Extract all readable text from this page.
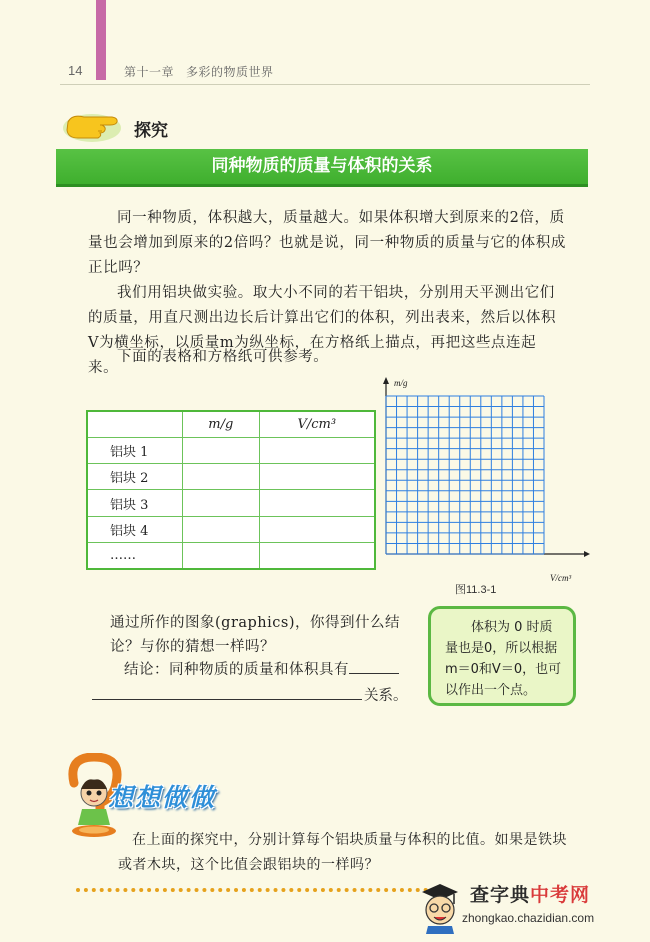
14	第十一章 多彩的物质世界
探究
同种物质的质量与体积的关系

同一种物质，体积越大，质量越大。如果体积增大到原来的2倍，质量也会增加到原来的2倍吗？也就是说，同一种物质的质量与它的体积成正比吗？

我们用铝块做实验。取大小不同的若干铝块，分别用天平测出它们的质量，用直尺测出边长后计算出它们的体积，列出表来，然后以体积V为横坐标，以质量m为纵坐标，在方格纸上描点，再把这些点连起来。

下面的表格和方格纸可供参考。

	m/g	V/cm³
铝块 1		
铝块 2		
铝块 3		
铝块 4		
……		
m/g
V/cm³
图11.3-1
通过所作的图象(graphics)，你得到什么结论？与你的猜想一样吗？
结论：同种物质的质量和体积具有
关系。
体积为 0 时质量也是0，所以根据m＝0和V＝0，也可以作出一个点。
想想做做

在上面的探究中，分别计算每个铝块质量与体积的比值。如果是铁块或者木块，这个比值会跟铝块的一样吗？

查字典中考网
zhongkao.chazidian.com
